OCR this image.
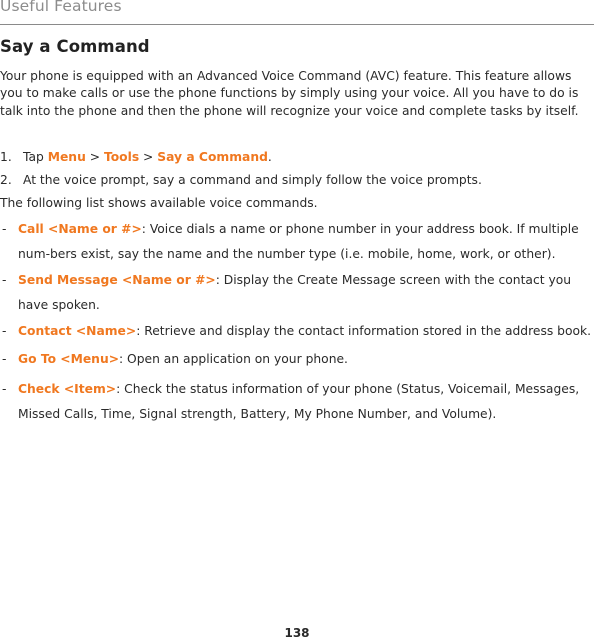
Useful Features
Say a Command
Your phone is equipped with an Advanced Voice Command (AVC) feature. This feature allows you to make calls or use the phone functions by simply using your voice. All you have to do is talk into the phone and then the phone will recognize your voice and complete tasks by itself.
1. Tap Menu > Tools > Say a Command.
2. At the voice prompt, say a command and simply follow the voice prompts.
The following list shows available voice commands.
- Call <Name or #>: Voice dials a name or phone number in your address book. If multiple num-bers exist, say the name and the number type (i.e. mobile, home, work, or other).
- Send Message <Name or #>: Display the Create Message screen with the contact you have spoken.
- Contact <Name>: Retrieve and display the contact information stored in the address book.
- Go To <Menu>: Open an application on your phone.
- Check <Item>: Check the status information of your phone (Status, Voicemail, Messages, Missed Calls, Time, Signal strength, Battery, My Phone Number, and Volume).
138
